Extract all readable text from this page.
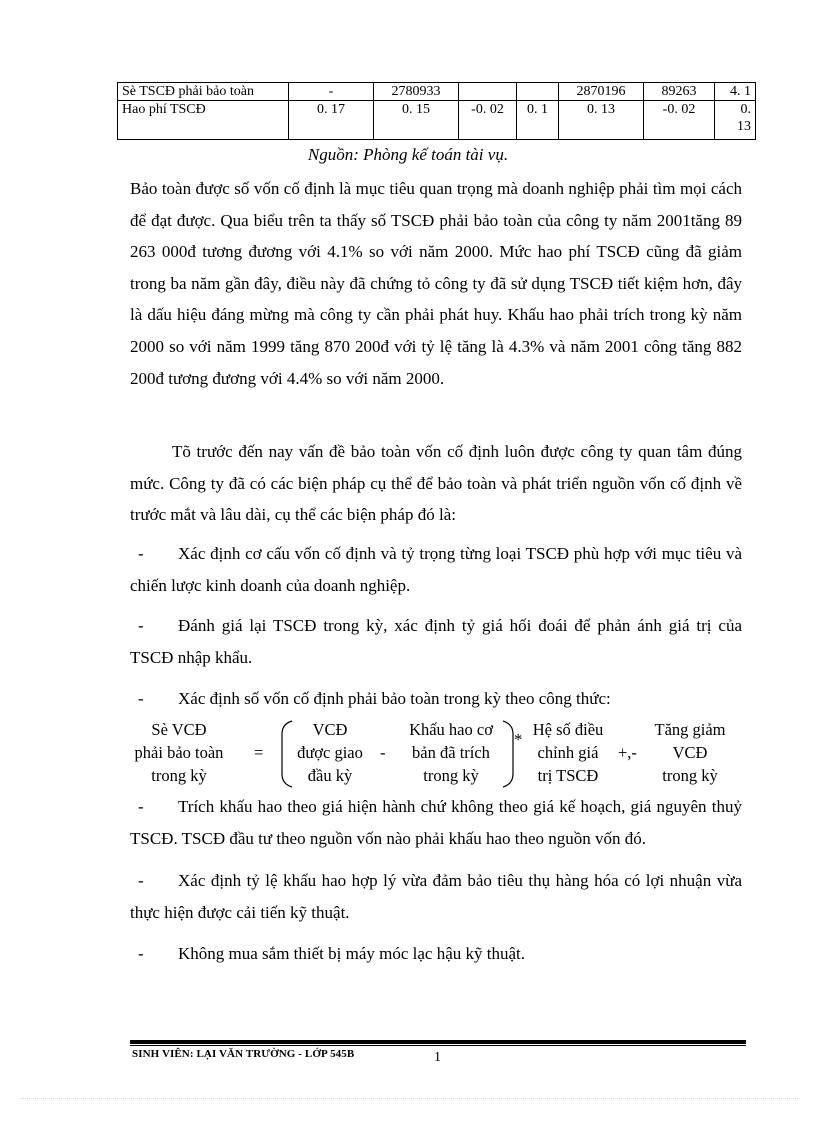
Sè TSCĐ phải bảo toàn	-	2780933			2870196	89263	4. 1
Hao phí TSCĐ	0. 17	0. 15	-0. 02	0. 1	0. 13	-0. 02	0.
13
Nguồn: Phòng kế toán tài vụ.

Bảo toàn được số vốn cố định là mục tiêu quan trọng mà doanh nghiệp phải tìm mọi cách để đạt được. Qua biểu trên ta thấy số TSCĐ phải bảo toàn của công ty năm 2001tăng 89 263 000đ tương đương với 4.1% so với năm 2000. Mức hao phí TSCĐ cũng đã giảm trong ba năm gần đây, điều này đã chứng tỏ công ty đã sử dụng TSCĐ tiết kiệm hơn, đây là dấu hiệu đáng mừng mà công ty cần phải phát huy. Khấu hao phải trích trong kỳ năm 2000 so với năm 1999 tăng 870 200đ với tỷ lệ tăng là 4.3% và năm 2001 công tăng 882 200đ tương đương với 4.4% so với năm 2000.

Tõ trước đến nay vấn đề bảo toàn vốn cố định luôn được công ty quan tâm đúng mức. Công ty đã có các biện pháp cụ thể để bảo toàn và phát triển nguồn vốn cố định về trước mắt và lâu dài, cụ thể các biện pháp đó là:

- Xác định cơ cấu vốn cố định và tỷ trọng từng loại TSCĐ phù hợp với mục tiêu và chiến lược kinh doanh của doanh nghiệp.
- Đánh giá lại TSCĐ trong kỳ, xác định tỷ giá hối đoái để phản ánh giá trị của TSCĐ nhập khẩu.
- Xác định số vốn cố định phải bảo toàn trong kỳ theo công thức:
Sè VCĐ
phải bảo toàn
trong kỳ
=
VCĐ
được giao
đầu kỳ
-
Khấu hao cơ
bản đã trích
trong kỳ
*
Hệ số điều
chỉnh giá
trị TSCĐ
+,-
Tăng giảm
VCĐ
trong kỳ
- Trích khấu hao theo giá hiện hành chứ không theo giá kế hoạch, giá nguyên thuỷ TSCĐ. TSCĐ đầu tư theo nguồn vốn nào phải khấu hao theo nguồn vốn đó.
- Xác định tỷ lệ khấu hao hợp lý vừa đảm bảo tiêu thụ hàng hóa có lợi nhuận vừa thực hiện được cải tiến kỹ thuật.
- Không mua sắm thiết bị máy móc lạc hậu kỹ thuật.
SINH VIÊN: LẠI VĂN TRƯỜNG - LỚP 545B	1
